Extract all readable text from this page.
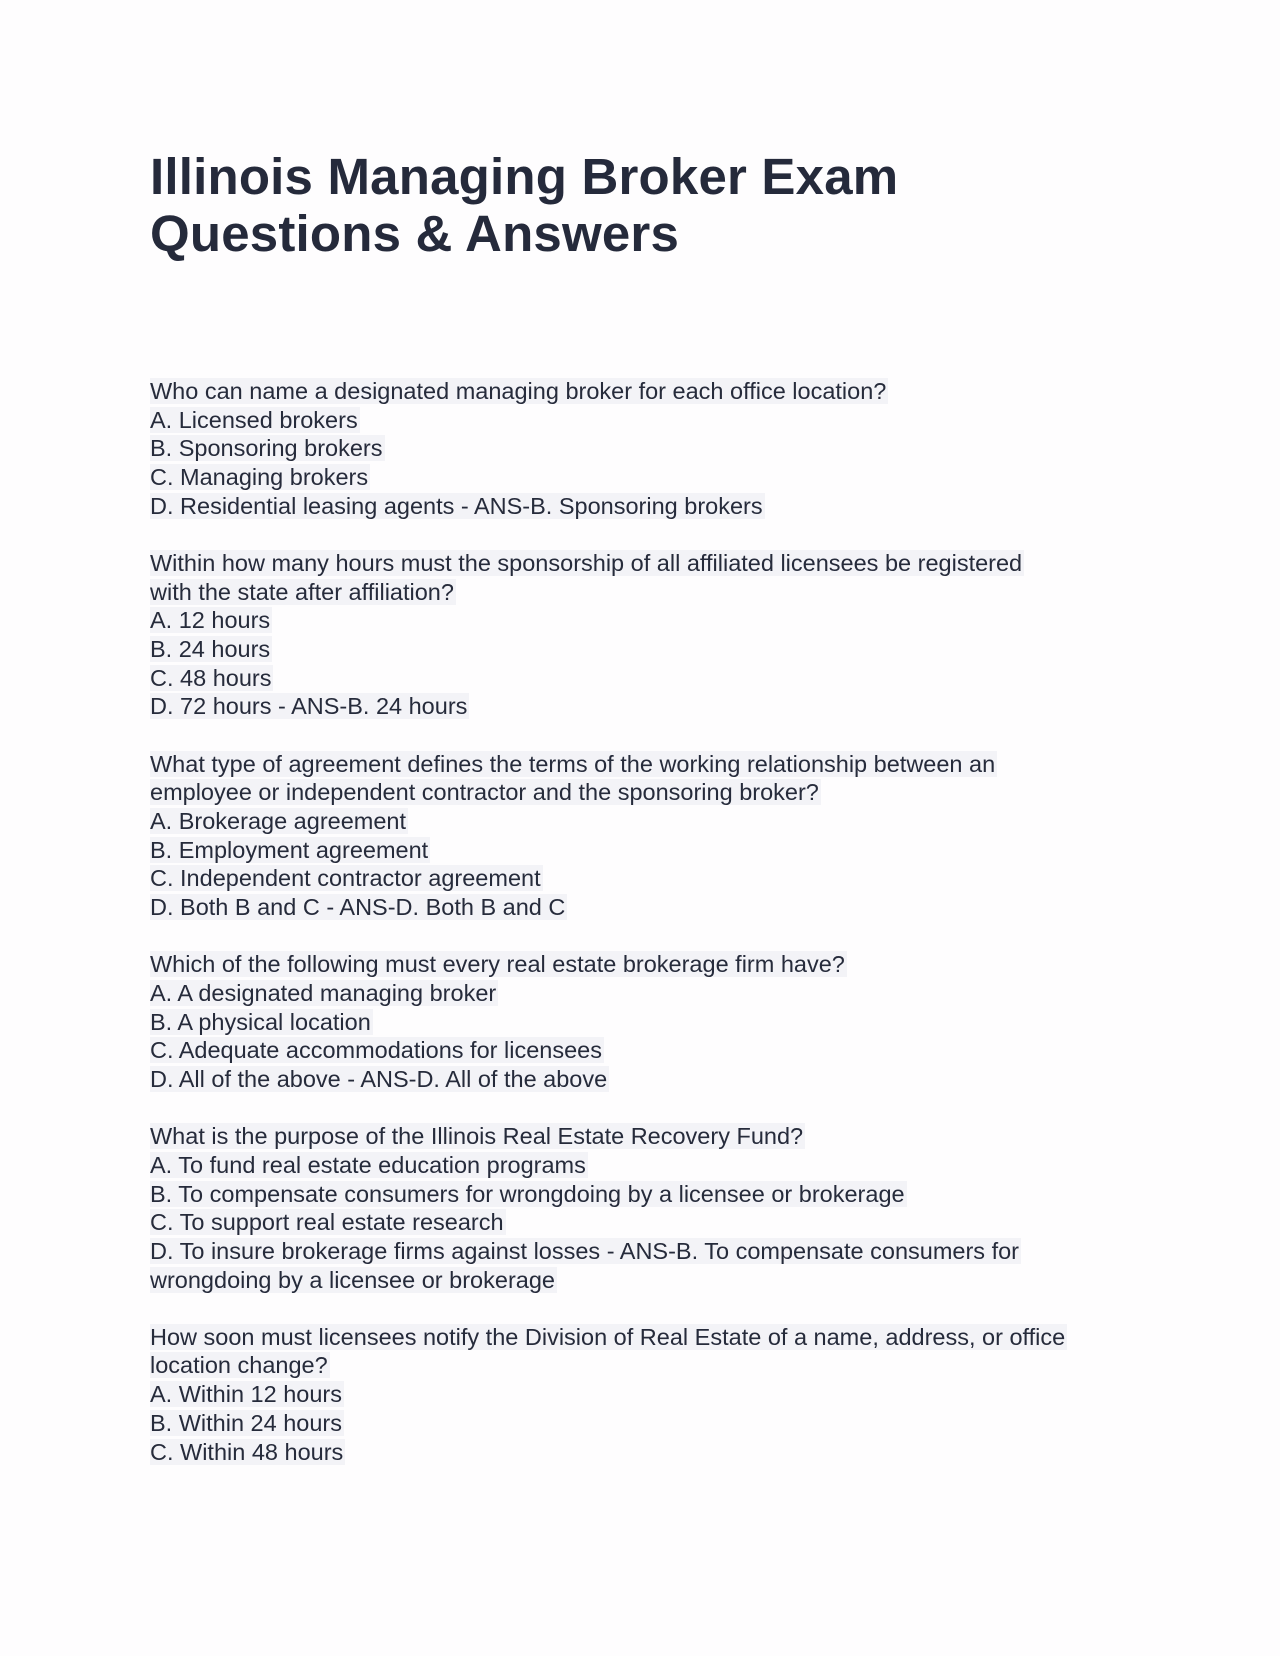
Illinois Managing Broker Exam Questions & Answers
Who can name a designated managing broker for each office location?
A. Licensed brokers
B. Sponsoring brokers
C. Managing brokers
D. Residential leasing agents - ANS-B. Sponsoring brokers
Within how many hours must the sponsorship of all affiliated licensees be registered
with the state after affiliation?
A. 12 hours
B. 24 hours
C. 48 hours
D. 72 hours - ANS-B. 24 hours
What type of agreement defines the terms of the working relationship between an
employee or independent contractor and the sponsoring broker?
A. Brokerage agreement
B. Employment agreement
C. Independent contractor agreement
D. Both B and C - ANS-D. Both B and C
Which of the following must every real estate brokerage firm have?
A. A designated managing broker
B. A physical location
C. Adequate accommodations for licensees
D. All of the above - ANS-D. All of the above
What is the purpose of the Illinois Real Estate Recovery Fund?
A. To fund real estate education programs
B. To compensate consumers for wrongdoing by a licensee or brokerage
C. To support real estate research
D. To insure brokerage firms against losses - ANS-B. To compensate consumers for
wrongdoing by a licensee or brokerage
How soon must licensees notify the Division of Real Estate of a name, address, or office
location change?
A. Within 12 hours
B. Within 24 hours
C. Within 48 hours
